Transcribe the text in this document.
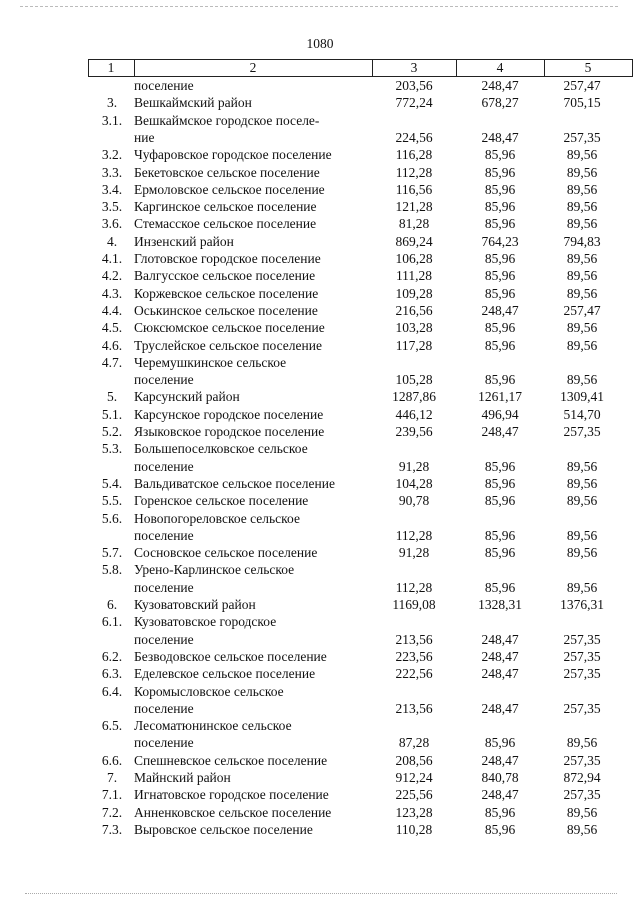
1080
1	2	3	4	5
поселение	203,56	248,47	257,47
3.	Вешкаймский район	772,24	678,27	705,15
3.1. Вешкаймское городское поселе-
ние	224,56	248,47	257,35
3.2. Чуфаровское городское поселение	116,28	85,96	89,56
3.3. Бекетовское сельское поселение	112,28	85,96	89,56
3.4. Ермоловское сельское поселение	116,56	85,96	89,56
3.5. Каргинское сельское поселение	121,28	85,96	89,56
3.6. Стемасское сельское поселение	81,28	85,96	89,56
4.	Инзенский район	869,24	764,23	794,83
4.1. Глотовское городское поселение	106,28	85,96	89,56
4.2. Валгусское сельское поселение	111,28	85,96	89,56
4.3. Коржевское сельское поселение	109,28	85,96	89,56
4.4. Оськинское сельское поселение	216,56	248,47	257,47
4.5. Сюксюмское сельское поселение	103,28	85,96	89,56
4.6. Труслейское сельское поселение	117,28	85,96	89,56
4.7. Черемушкинское сельское
поселение	105,28	85,96	89,56
5.	Карсунский район	1287,86	1261,17	1309,41
5.1. Карсунское городское поселение	446,12	496,94	514,70
5.2. Языковское городское поселение	239,56	248,47	257,35
5.3. Большепоселковское сельское
поселение	91,28	85,96	89,56
5.4. Вальдиватское сельское поселение	104,28	85,96	89,56
5.5. Горенское сельское поселение	90,78	85,96	89,56
5.6. Новопогореловское сельское
поселение	112,28	85,96	89,56
5.7. Сосновское сельское поселение	91,28	85,96	89,56
5.8. Урено-Карлинское сельское
поселение	112,28	85,96	89,56
6.	Кузоватовский район	1169,08	1328,31	1376,31
6.1. Кузоватовское городское
поселение	213,56	248,47	257,35
6.2. Безводовское сельское поселение	223,56	248,47	257,35
6.3. Еделевское сельское поселение	222,56	248,47	257,35
6.4. Коромысловское сельское
поселение	213,56	248,47	257,35
6.5. Лесоматюнинское сельское
поселение	87,28	85,96	89,56
6.6. Спешневское сельское поселение	208,56	248,47	257,35
7.	Майнский район	912,24	840,78	872,94
7.1. Игнатовское городское поселение	225,56	248,47	257,35
7.2. Анненковское сельское поселение	123,28	85,96	89,56
7.3. Выровское сельское поселение	110,28	85,96	89,56
